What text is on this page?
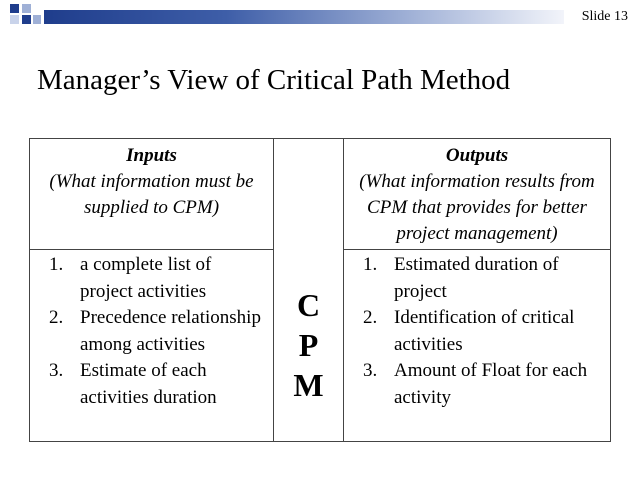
Slide 13
Manager’s View of Critical Path Method
Inputs
(What information must be supplied to CPM)
1. a complete list of project activities
2. Precedence relationship among activities
3. Estimate of each activities duration
C
P
M
Outputs
(What information results from CPM that provides for better project management)
1. Estimated duration of project
2. Identification of critical activities
3. Amount of Float for each activity
